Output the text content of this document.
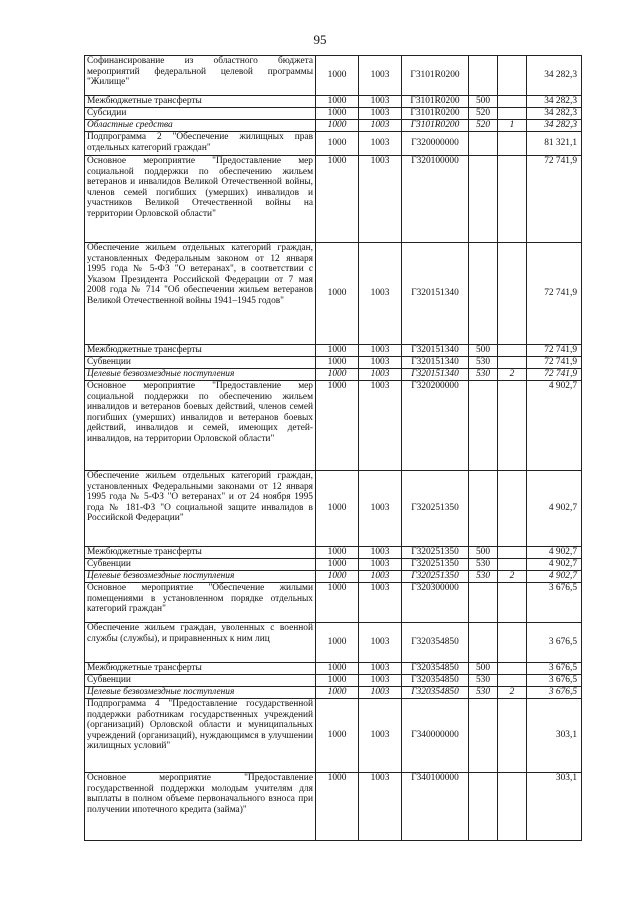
95
Софинансирование из областного бюджета мероприятий федеральной целевой программы "Жилище"	1000	1003	Г3101R0200			34 282,3
Межбюджетные трансферты	1000	1003	Г3101R0200	500		34 282,3
Субсидии	1000	1003	Г3101R0200	520		34 282,3
Областные средства	1000	1003	Г3101R0200	520	1	34 282,3
Подпрограмма 2 "Обеспечение жилищных прав отдельных категорий граждан"	1000	1003	Г320000000			81 321,1
Основное мероприятие "Предоставление мер социальной поддержки по обеспечению жильем ветеранов и инвалидов Великой Отечественной войны, членов семей погибших (умерших) инвалидов и участников Великой Отечественной войны на территории Орловской области"	1000	1003	Г320100000			72 741,9
Обеспечение жильем отдельных категорий граждан, установленных Федеральным законом от 12 января 1995 года № 5-ФЗ "О ветеранах", в соответствии с Указом Президента Российской Федерации от 7 мая 2008 года № 714 "Об обеспечении жильем ветеранов Великой Отечественной войны 1941–1945 годов"	1000	1003	Г320151340			72 741,9
Межбюджетные трансферты	1000	1003	Г320151340	500		72 741,9
Субвенции	1000	1003	Г320151340	530		72 741,9
Целевые безвозмездные поступления	1000	1003	Г320151340	530	2	72 741,9
Основное мероприятие "Предоставление мер социальной поддержки по обеспечению жильем инвалидов и ветеранов боевых действий, членов семей погибших (умерших) инвалидов и ветеранов боевых действий, инвалидов и семей, имеющих детей-инвалидов, на территории Орловской области"	1000	1003	Г320200000			4 902,7
Обеспечение жильем отдельных категорий граждан, установленных Федеральными законами от 12 января 1995 года № 5-ФЗ "О ветеранах" и от 24 ноября 1995 года № 181-ФЗ "О социальной защите инвалидов в Российской Федерации"	1000	1003	Г320251350			4 902,7
Межбюджетные трансферты	1000	1003	Г320251350	500		4 902,7
Субвенции	1000	1003	Г320251350	530		4 902,7
Целевые безвозмездные поступления	1000	1003	Г320251350	530	2	4 902,7
Основное мероприятие "Обеспечение жилыми помещениями в установленном порядке отдельных категорий граждан"	1000	1003	Г320300000			3 676,5
Обеспечение жильем граждан, уволенных с военной службы (службы), и приравненных к ним лиц	1000	1003	Г320354850			3 676,5
Межбюджетные трансферты	1000	1003	Г320354850	500		3 676,5
Субвенции	1000	1003	Г320354850	530		3 676,5
Целевые безвозмездные поступления	1000	1003	Г320354850	530	2	3 676,5
Подпрограмма 4 "Предоставление государственной поддержки работникам государственных учреждений (организаций) Орловской области и муниципальных учреждений (организаций), нуждающимся в улучшении жилищных условий"	1000	1003	Г340000000			303,1
Основное мероприятие "Предоставление государственной поддержки молодым учителям для выплаты в полном объеме первоначального взноса при получении ипотечного кредита (займа)"	1000	1003	Г340100000			303,1
